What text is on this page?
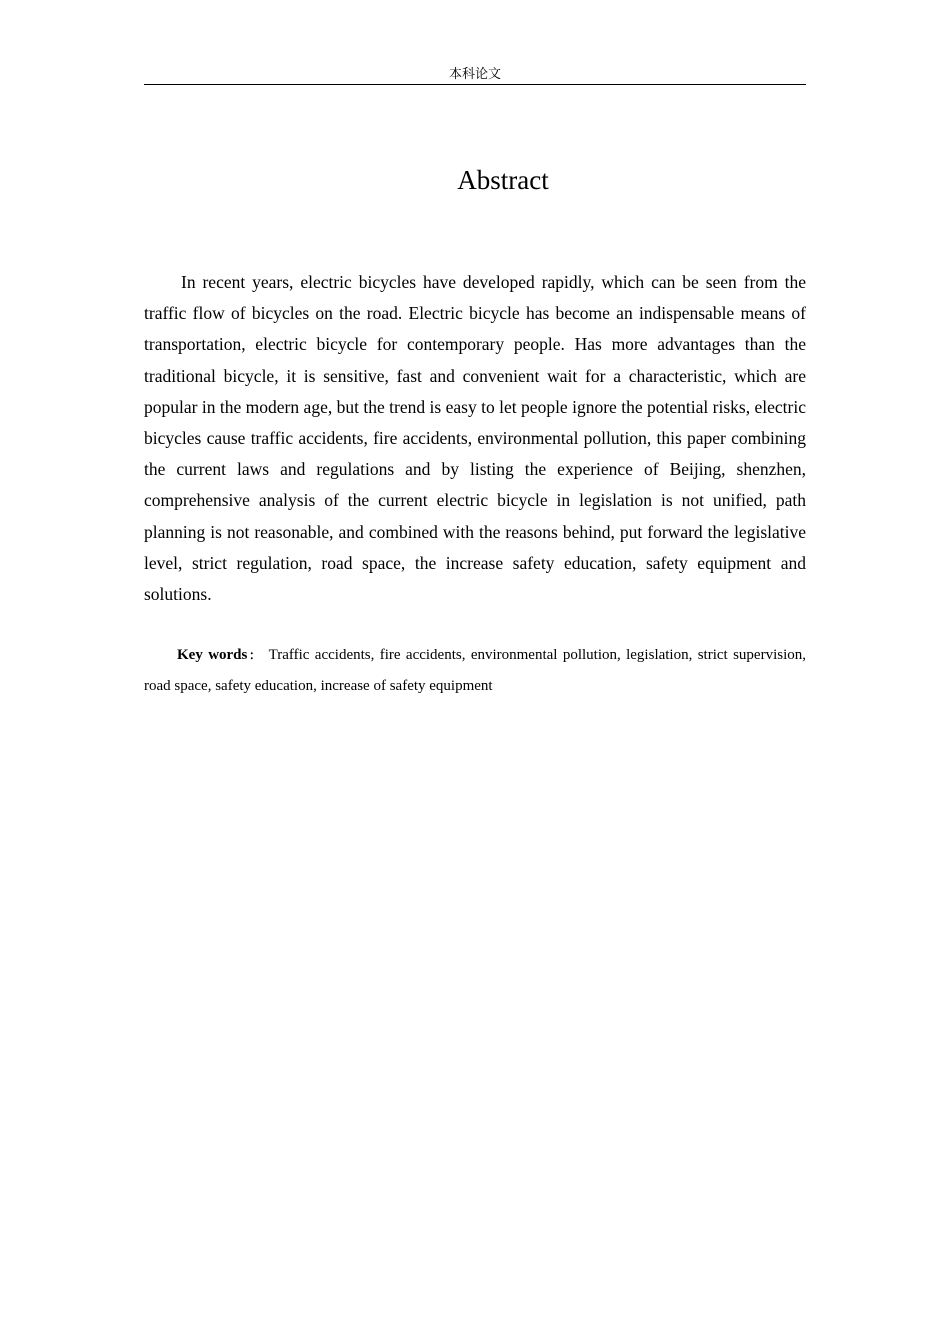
本科论文
Abstract

In recent years, electric bicycles have developed rapidly, which can be seen from the traffic flow of bicycles on the road. Electric bicycle has become an indispensable means of transportation, electric bicycle for contemporary people. Has more advantages than the traditional bicycle, it is sensitive, fast and convenient wait for a characteristic, which are popular in the modern age, but the trend is easy to let people ignore the potential risks, electric bicycles cause traffic accidents, fire accidents, environmental pollution, this paper combining the current laws and regulations and by listing the experience of Beijing, shenzhen, comprehensive analysis of the current electric bicycle in legislation is not unified, path planning is not reasonable, and combined with the reasons behind, put forward the legislative level, strict regulation, road space, the increase safety education, safety equipment and solutions.

Key words： Traffic accidents, fire accidents, environmental pollution, legislation, strict supervision, road space, safety education, increase of safety equipment
